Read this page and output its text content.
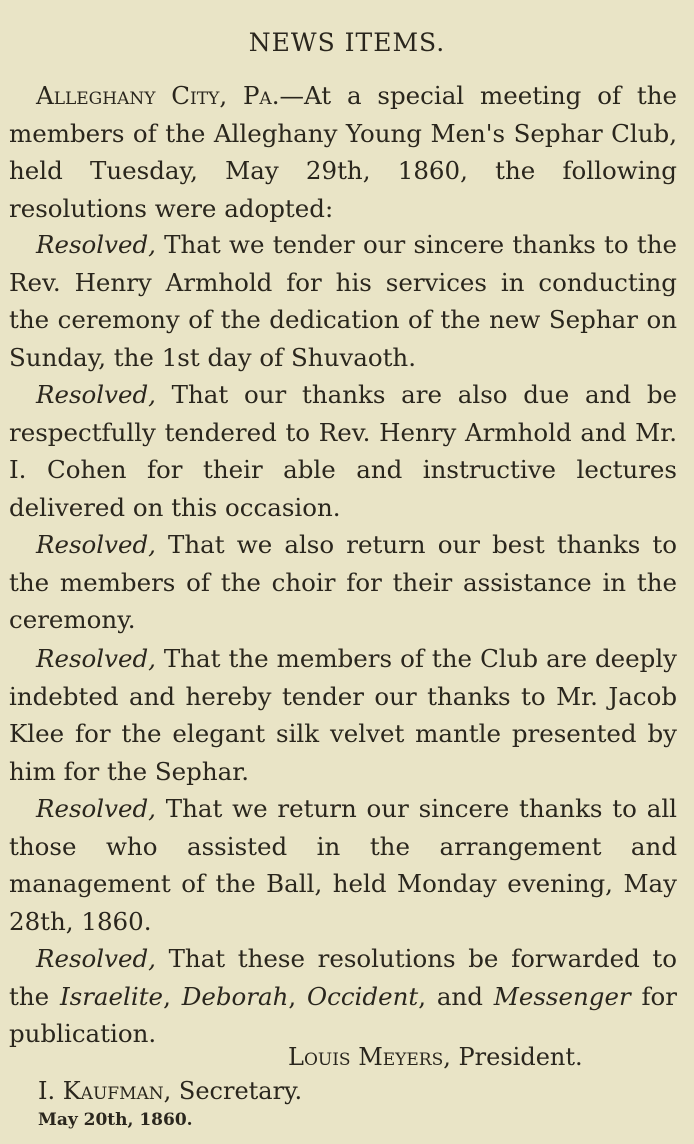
NEWS ITEMS.

Alleghany City, Pa.—At a special meeting of the members of the Alleghany Young Men's Sephar Club, held Tuesday, May 29th, 1860, the following resolutions were adopted:

Resolved, That we tender our sincere thanks to the Rev. Henry Armhold for his services in conducting the ceremony of the dedication of the new Sephar on Sunday, the 1st day of Shuvaoth.

Resolved, That our thanks are also due and be respectfully tendered to Rev. Henry Armhold and Mr. I. Cohen for their able and instructive lectures delivered on this occasion.

Resolved, That we also return our best thanks to the members of the choir for their assistance in the ceremony.

Resolved, That the members of the Club are deeply indebted and hereby tender our thanks to Mr. Jacob Klee for the elegant silk velvet mantle presented by him for the Sephar.

Resolved, That we return our sincere thanks to all those who assisted in the arrangement and management of the Ball, held Monday evening, May 28th, 1860.

Resolved, That these resolutions be forwarded to the Israelite, Deborah, Occident, and Messenger for publication.

Louis Meyers, President.
I. Kaufman, Secretary.
May 20th, 1860.
